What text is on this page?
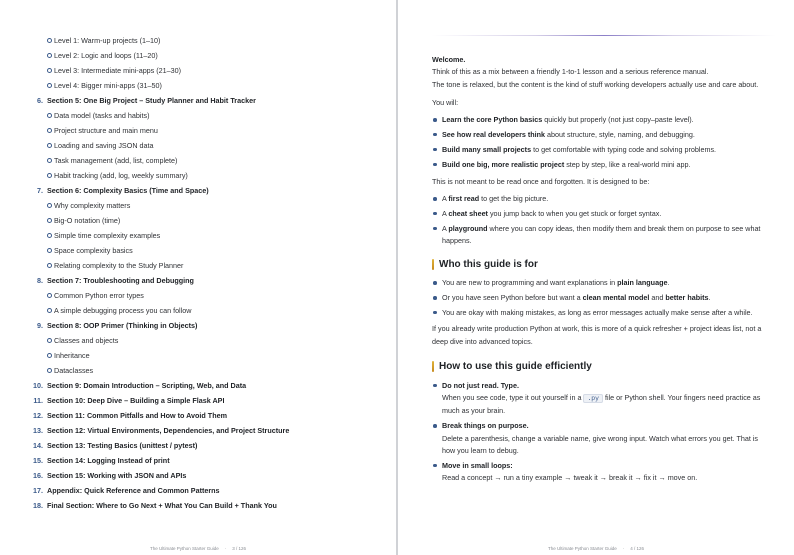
Level 1: Warm-up projects (1–10)
Level 2: Logic and loops (11–20)
Level 3: Intermediate mini-apps (21–30)
Level 4: Bigger mini-apps (31–50)
6. Section 5: One Big Project – Study Planner and Habit Tracker
Data model (tasks and habits)
Project structure and main menu
Loading and saving JSON data
Task management (add, list, complete)
Habit tracking (add, log, weekly summary)
7. Section 6: Complexity Basics (Time and Space)
Why complexity matters
Big-O notation (time)
Simple time complexity examples
Space complexity basics
Relating complexity to the Study Planner
8. Section 7: Troubleshooting and Debugging
Common Python error types
A simple debugging process you can follow
9. Section 8: OOP Primer (Thinking in Objects)
Classes and objects
Inheritance
Dataclasses
10. Section 9: Domain Introduction – Scripting, Web, and Data
11. Section 10: Deep Dive – Building a Simple Flask API
12. Section 11: Common Pitfalls and How to Avoid Them
13. Section 12: Virtual Environments, Dependencies, and Project Structure
14. Section 13: Testing Basics (unittest / pytest)
15. Section 14: Logging Instead of print
16. Section 15: Working with JSON and APIs
17. Appendix: Quick Reference and Common Patterns
18. Final Section: Where to Go Next + What You Can Build + Thank You
The Ultimate Python Starter Guide · 3 / 126

Welcome.

Think of this as a mix between a friendly 1-to-1 lesson and a serious reference manual.

The tone is relaxed, but the content is the kind of stuff working developers actually use and care about.

You will:

Learn the core Python basics quickly but properly (not just copy–paste level).
See how real developers think about structure, style, naming, and debugging.
Build many small projects to get comfortable with typing code and solving problems.
Build one big, more realistic project step by step, like a real-world mini app.

This is not meant to be read once and forgotten. It is designed to be:

A first read to get the big picture.
A cheat sheet you jump back to when you get stuck or forget syntax.
A playground where you can copy ideas, then modify them and break them on purpose to see what happens.
Who this guide is for
You are new to programming and want explanations in plain language.
Or you have seen Python before but want a clean mental model and better habits.
You are okay with making mistakes, as long as error messages actually make sense after a while.

If you already write production Python at work, this is more of a quick refresher + project ideas list, not a deep dive into advanced topics.

How to use this guide efficiently
Do not just read. Type.
When you see code, type it out yourself in a .py file or Python shell. Your fingers need practice as much as your brain.
Break things on purpose.
Delete a parenthesis, change a variable name, give wrong input. Watch what errors you get. That is how you learn to debug.
Move in small loops:
Read a concept → run a tiny example → tweak it → break it → fix it → move on.
The Ultimate Python Starter Guide · 4 / 126
